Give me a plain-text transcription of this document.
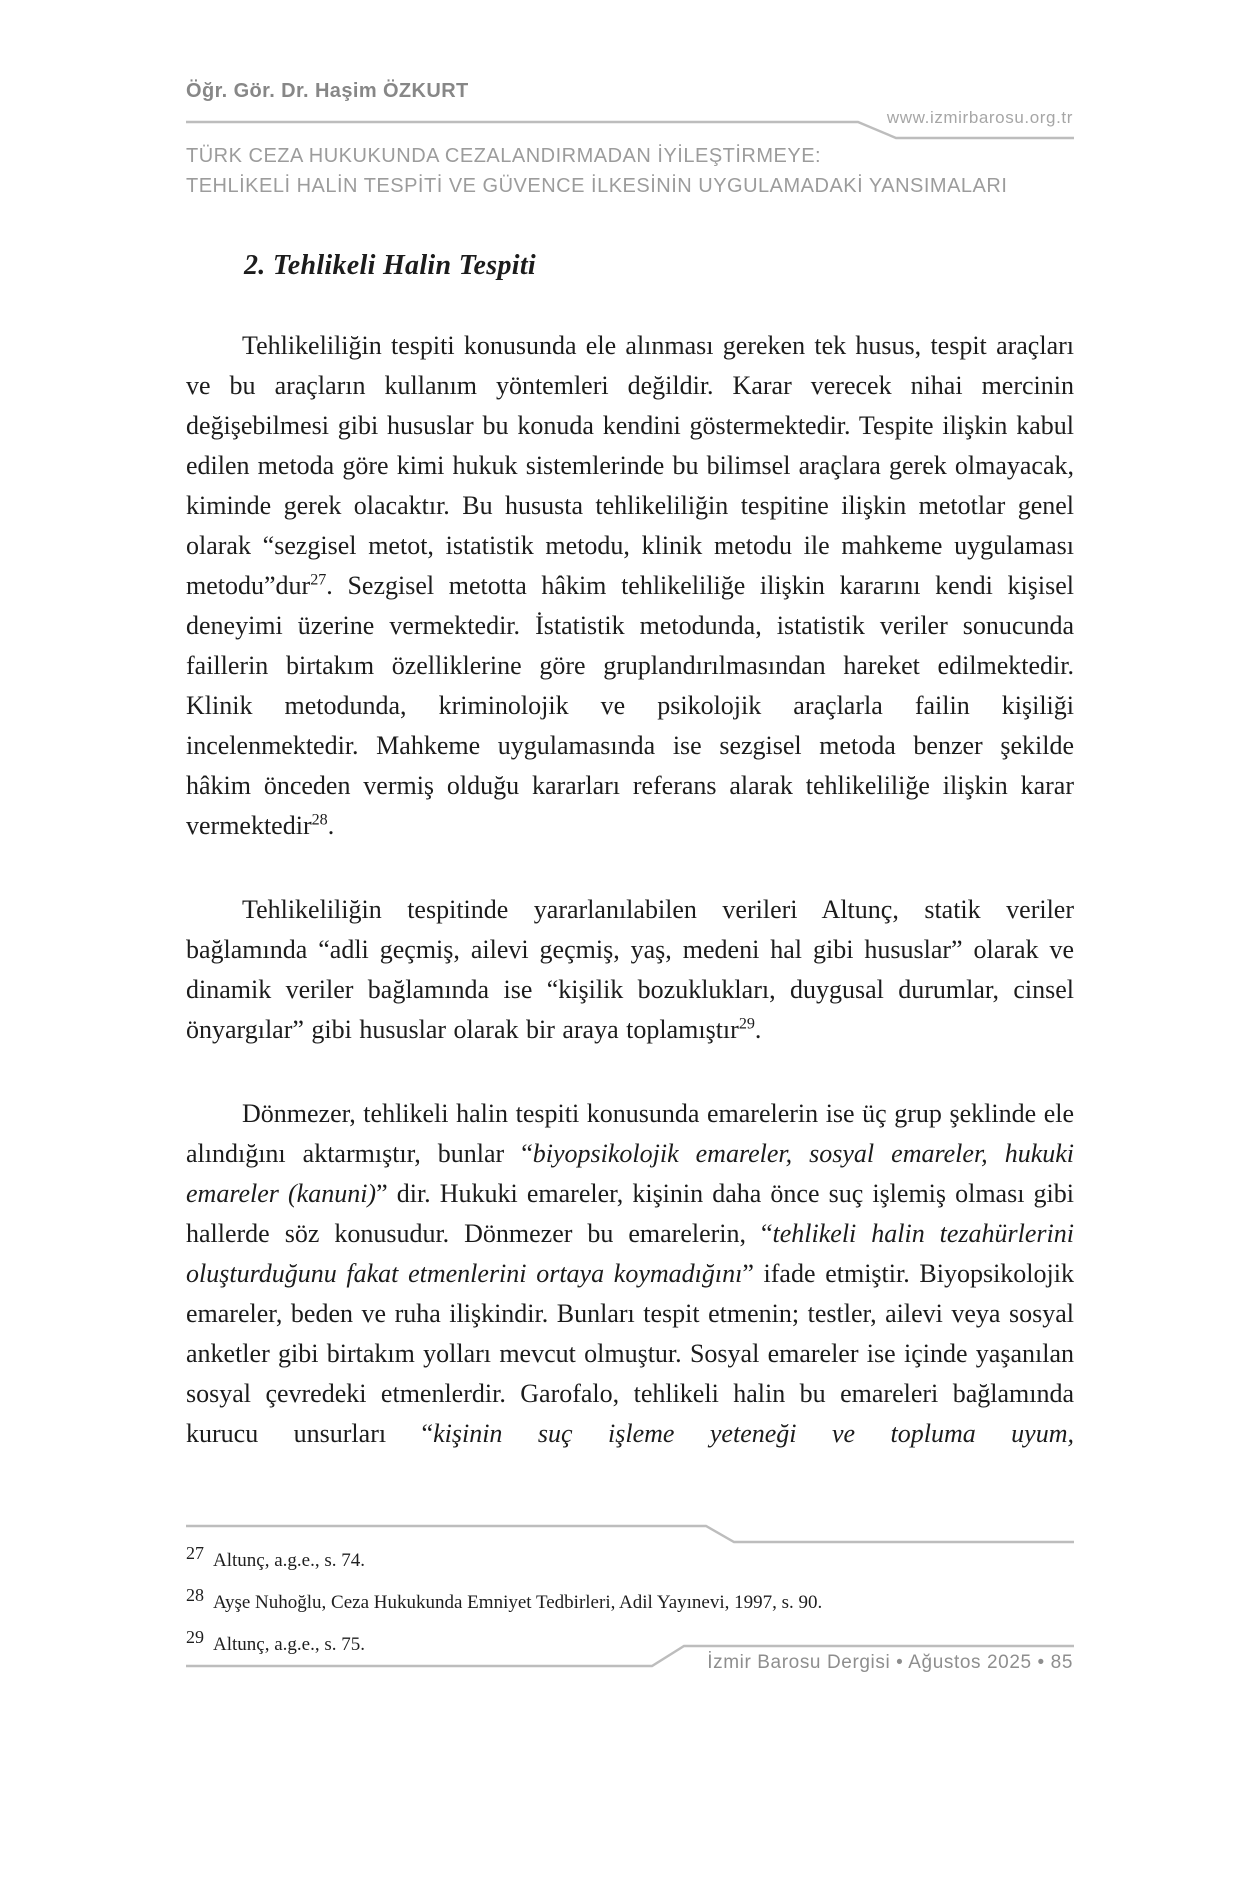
Öğr. Gör. Dr. Haşim ÖZKURT
www.izmirbarosu.org.tr
TÜRK CEZA HUKUKUNDA CEZALANDIRMADAN İYİLEŞTİRMEYE:
TEHLİKELİ HALİN TESPİTİ VE GÜVENCE İLKESİNİN UYGULAMADAKİ YANSIMALARI
2. Tehlikeli Halin Tespiti

Tehlikeliliğin tespiti konusunda ele alınması gereken tek husus, tespit araçları ve bu araçların kullanım yöntemleri değildir. Karar verecek nihai mercinin değişebilmesi gibi hususlar bu konuda kendini göstermektedir. Tespite ilişkin kabul edilen metoda göre kimi hukuk sistemlerinde bu bilimsel araçlara gerek olmayacak, kiminde gerek olacaktır. Bu hususta tehlikeliliğin tespitine ilişkin metotlar genel olarak “sezgisel metot, istatistik metodu, klinik metodu ile mahkeme uygulaması metodu”dur$^{27}$. Sezgisel metotta hâkim tehlikeliliğe ilişkin kararını kendi kişisel deneyimi üzerine vermektedir. İstatistik metodunda, istatistik veriler sonucunda faillerin birtakım özelliklerine göre gruplandırılmasından hareket edilmektedir. Klinik metodunda, kriminolojik ve psikolojik araçlarla failin kişiliği incelenmektedir. Mahkeme uygulamasında ise sezgisel metoda benzer şekilde hâkim önceden vermiş olduğu kararları referans alarak tehlikeliliğe ilişkin karar vermektedir$^{28}$.

Tehlikeliliğin tespitinde yararlanılabilen verileri Altunç, statik veriler bağlamında “adli geçmiş, ailevi geçmiş, yaş, medeni hal gibi hususlar” olarak ve dinamik veriler bağlamında ise “kişilik bozuklukları, duygusal durumlar, cinsel önyargılar” gibi hususlar olarak bir araya toplamıştır$^{29}$.

Dönmezer, tehlikeli halin tespiti konusunda emarelerin ise üç grup şeklinde ele alındığını aktarmıştır, bunlar “biyopsikolojik emareler, sosyal emareler, hukuki emareler (kanuni)” dir. Hukuki emareler, kişinin daha önce suç işlemiş olması gibi hallerde söz konusudur. Dönmezer bu emarelerin, “tehlikeli halin tezahürlerini oluşturduğunu fakat etmenlerini ortaya koymadığını” ifade etmiştir. Biyopsikolojik emareler, beden ve ruha ilişkindir. Bunları tespit etmenin; testler, ailevi veya sosyal anketler gibi birtakım yolları mevcut olmuştur. Sosyal emareler ise içinde yaşanılan sosyal çevredeki etmenlerdir. Garofalo, tehlikeli halin bu emareleri bağlamında kurucu unsurları “kişinin suç işleme yeteneği ve topluma uyum,

27 Altunç, a.g.e., s. 74.
28 Ayşe Nuhoğlu, Ceza Hukukunda Emniyet Tedbirleri, Adil Yayınevi, 1997, s. 90.
29 Altunç, a.g.e., s. 75.
İzmir Barosu Dergisi • Ağustos 2025 • 85
